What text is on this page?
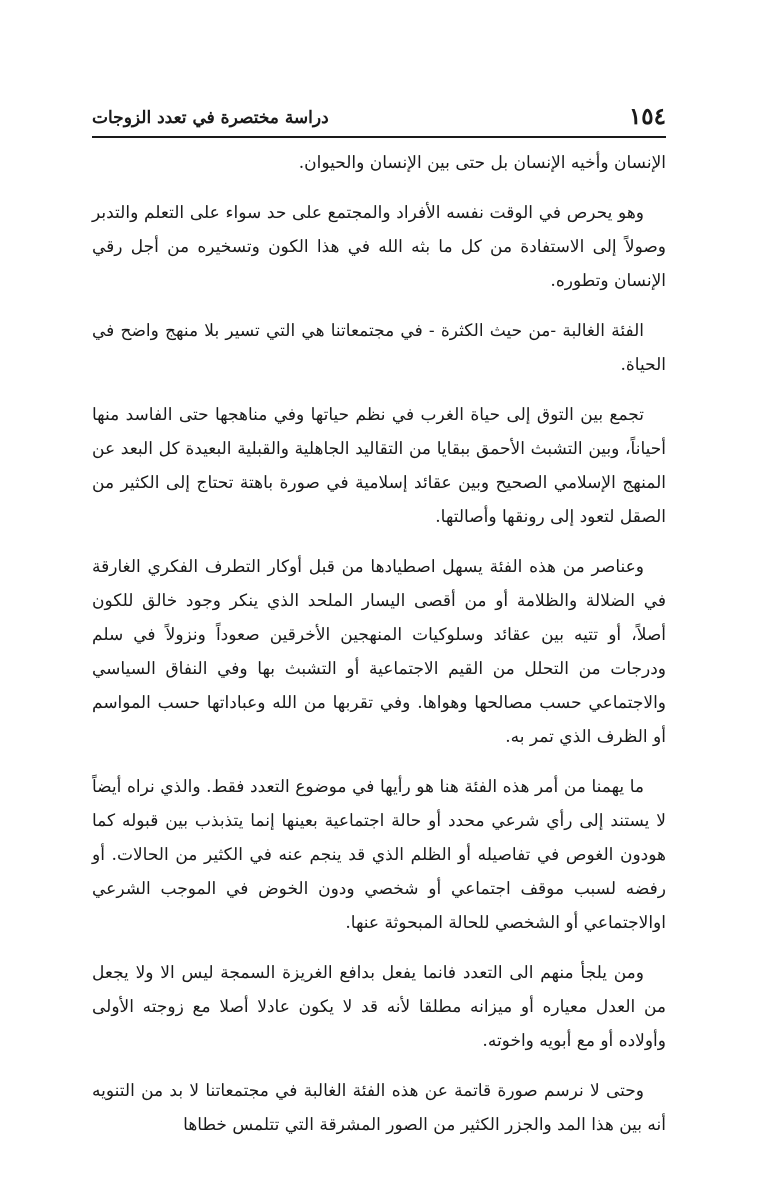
١٥٤
دراسة مختصرة في تعدد الزوجات

الإنسان وأخيه الإنسان بل حتى بين الإنسان والحيوان.

وهو يحرص في الوقت نفسه الأفراد والمجتمع على حد سواء على التعلم والتدبر وصولاً إلى الاستفادة من كل ما بثه الله في هذا الكون وتسخيره من أجل رقي الإنسان وتطوره.

الفئة الغالبة -من حيث الكثرة - في مجتمعاتنا هي التي تسير بلا منهج واضح في الحياة.

تجمع بين التوق إلى حياة الغرب في نظم حياتها وفي مناهجها حتى الفاسد منها أحياناً، وبين التشبث الأحمق ببقايا من التقاليد الجاهلية والقبلية البعيدة كل البعد عن المنهج الإسلامي الصحيح وبين عقائد إسلامية في صورة باهتة تحتاج إلى الكثير من الصقل لتعود إلى رونقها وأصالتها.

وعناصر من هذه الفئة يسهل اصطيادها من قبل أوكار التطرف الفكري الغارقة في الضلالة والظلامة أو من أقصى اليسار الملحد الذي ينكر وجود خالق للكون أصلاً، أو تتيه بين عقائد وسلوكيات المنهجين الأخرقين صعوداً ونزولاً في سلم ودرجات من التحلل من القيم الاجتماعية أو التشبث بها وفي النفاق السياسي والاجتماعي حسب مصالحها وهواها. وفي تقربها من الله وعباداتها حسب المواسم أو الظرف الذي تمر به.

ما يهمنا من أمر هذه الفئة هنا هو رأيها في موضوع التعدد فقط. والذي نراه أيضاً لا يستند إلى رأي شرعي محدد أو حالة اجتماعية بعينها إنما يتذبذب بين قبوله كما هودون الغوص في تفاصيله أو الظلم الذي قد ينجم عنه في الكثير من الحالات. أو رفضه لسبب موقف اجتماعي أو شخصي ودون الخوض في الموجب الشرعي اوالاجتماعي أو الشخصي للحالة المبحوثة عنها.

ومن يلجأ منهم الى التعدد فانما يفعل بدافع الغريزة السمجة ليس الا ولا يجعل من العدل معياره أو ميزانه مطلقا لأنه قد لا يكون عادلا أصلا مع زوجته الأولى وأولاده أو مع أبويه واخوته.

وحتى لا نرسم صورة قاتمة عن هذه الفئة الغالبة في مجتمعاتنا لا بد من التنويه أنه بين هذا المد والجزر الكثير من الصور المشرقة التي تتلمس خطاها
